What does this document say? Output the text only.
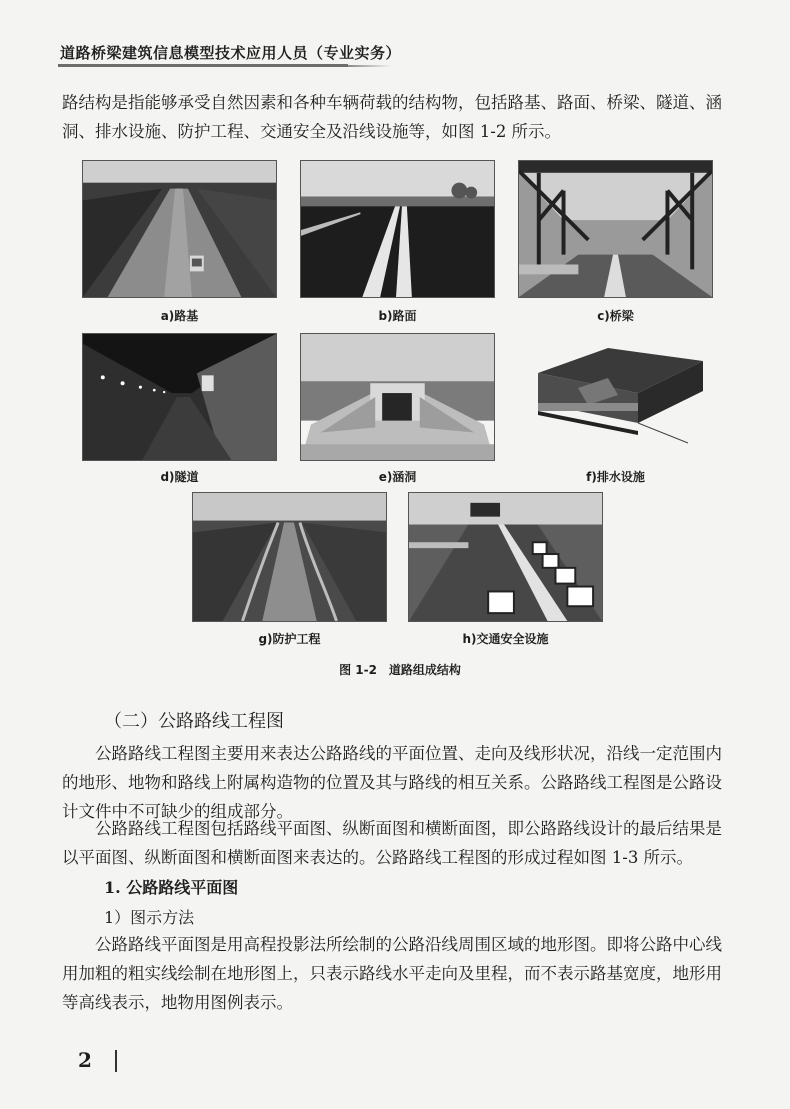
道路桥梁建筑信息模型技术应用人员（专业实务）
路结构是指能够承受自然因素和各种车辆荷载的结构物，包括路基、路面、桥梁、隧道、涵洞、排水设施、防护工程、交通安全及沿线设施等，如图 1-2 所示。
a)路基	b)路面	c)桥梁
d)隧道	e)涵洞	f)排水设施
g)防护工程	h)交通安全设施
图 1-2　道路组成结构
（二）公路路线工程图
公路路线工程图主要用来表达公路路线的平面位置、走向及线形状况，沿线一定范围内的地形、地物和路线上附属构造物的位置及其与路线的相互关系。公路路线工程图是公路设计文件中不可缺少的组成部分。
公路路线工程图包括路线平面图、纵断面图和横断面图，即公路路线设计的最后结果是以平面图、纵断面图和横断面图来表达的。公路路线工程图的形成过程如图 1-3 所示。
1. 公路路线平面图
1）图示方法
公路路线平面图是用高程投影法所绘制的公路沿线周围区域的地形图。即将公路中心线用加粗的粗实线绘制在地形图上，只表示路线水平走向及里程，而不表示路基宽度，地形用等高线表示，地物用图例表示。
2
